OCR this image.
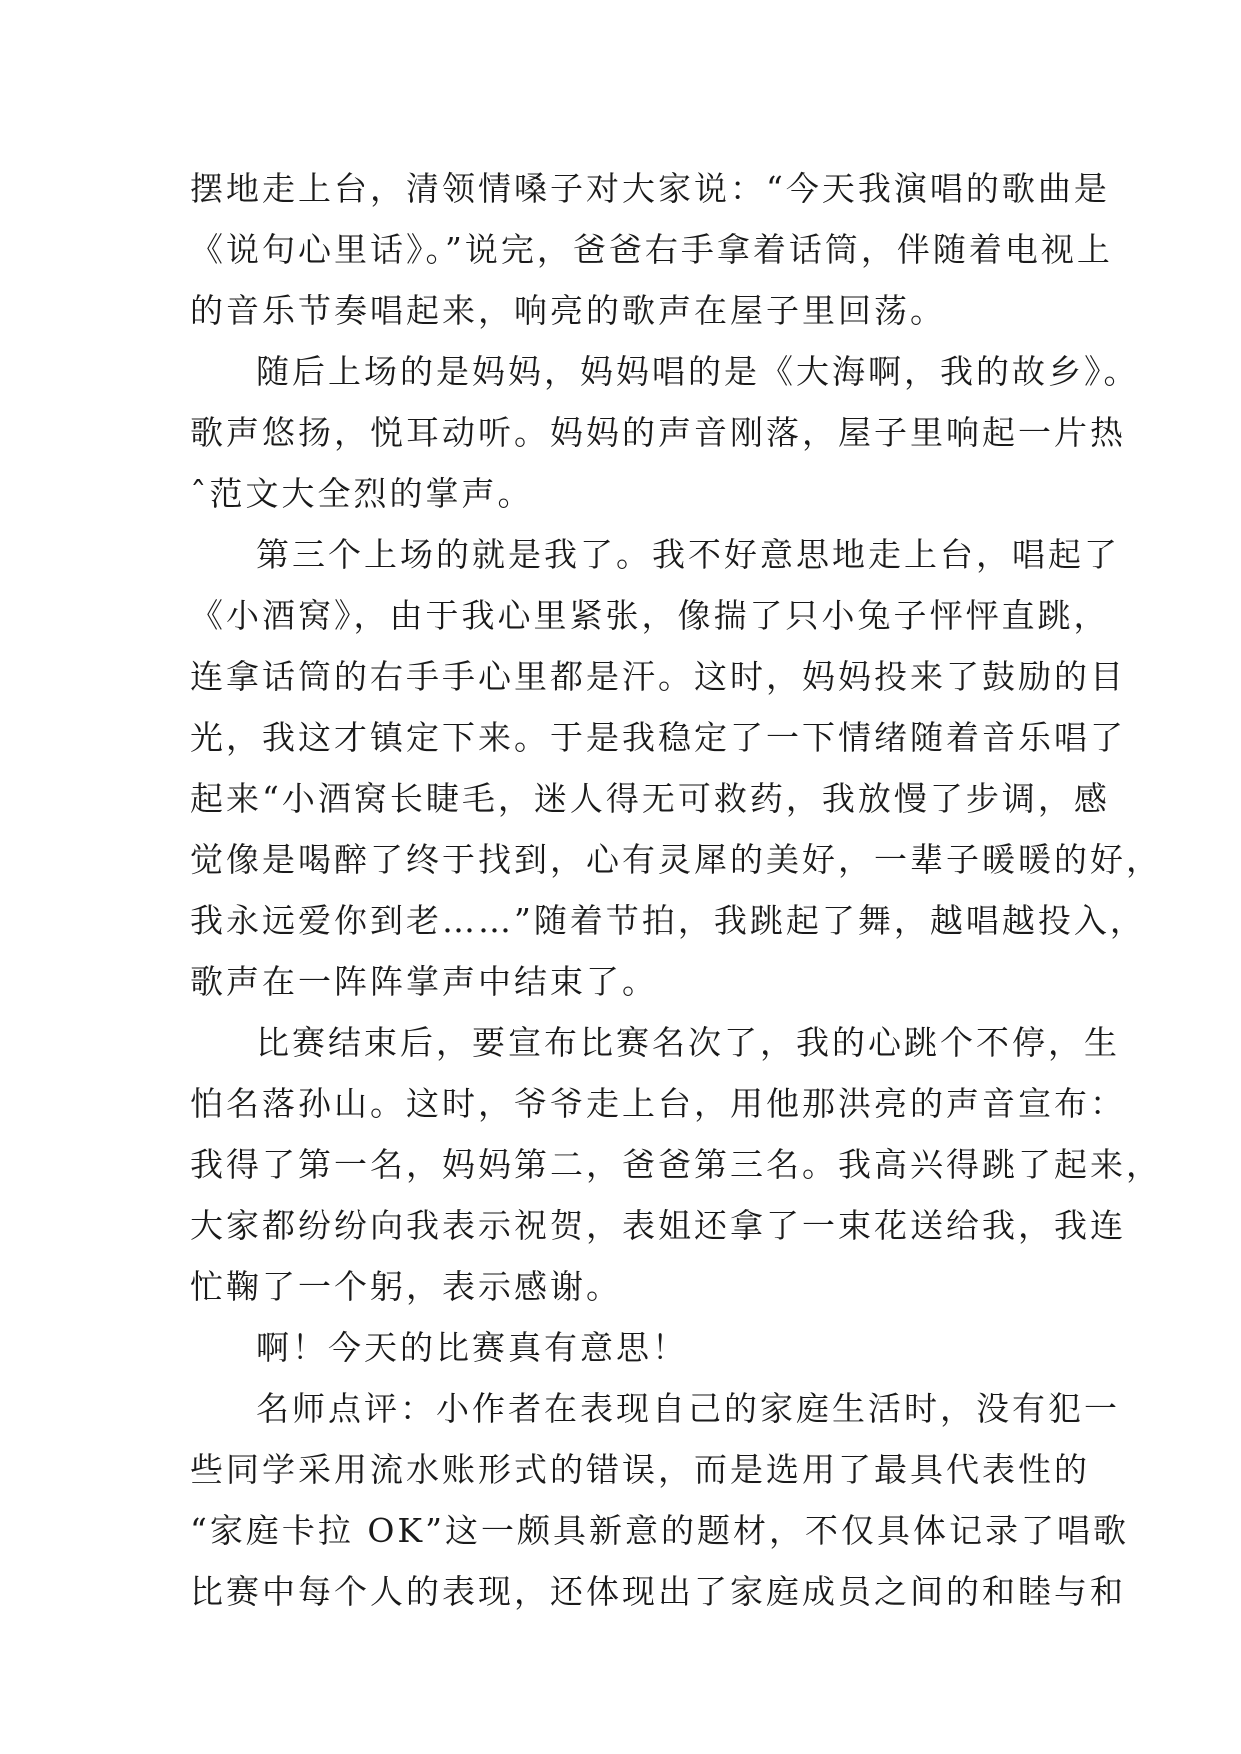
摆地走上台，清领情嗓子对大家说：“今天我演唱的歌曲是

《说句心里话》。”说完，爸爸右手拿着话筒，伴随着电视上

的音乐节奏唱起来，响亮的歌声在屋子里回荡。

随后上场的是妈妈，妈妈唱的是《大海啊，我的故乡》。

歌声悠扬，悦耳动听。妈妈的声音刚落，屋子里响起一片热

ˆ范文大全烈的掌声。

第三个上场的就是我了。我不好意思地走上台，唱起了

《小酒窝》，由于我心里紧张，像揣了只小兔子怦怦直跳，

连拿话筒的右手手心里都是汗。这时，妈妈投来了鼓励的目

光，我这才镇定下来。于是我稳定了一下情绪随着音乐唱了

起来“小酒窝长睫毛，迷人得无可救药，我放慢了步调，感

觉像是喝醉了终于找到，心有灵犀的美好，一辈子暖暖的好，

我永远爱你到老……”随着节拍，我跳起了舞，越唱越投入，

歌声在一阵阵掌声中结束了。

比赛结束后，要宣布比赛名次了，我的心跳个不停，生

怕名落孙山。这时，爷爷走上台，用他那洪亮的声音宣布：

我得了第一名，妈妈第二，爸爸第三名。我高兴得跳了起来，

大家都纷纷向我表示祝贺，表姐还拿了一束花送给我，我连

忙鞠了一个躬，表示感谢。

啊！今天的比赛真有意思！

名师点评：小作者在表现自己的家庭生活时，没有犯一

些同学采用流水账形式的错误，而是选用了最具代表性的

“家庭卡拉 OK”这一颇具新意的题材，不仅具体记录了唱歌

比赛中每个人的表现，还体现出了家庭成员之间的和睦与和
